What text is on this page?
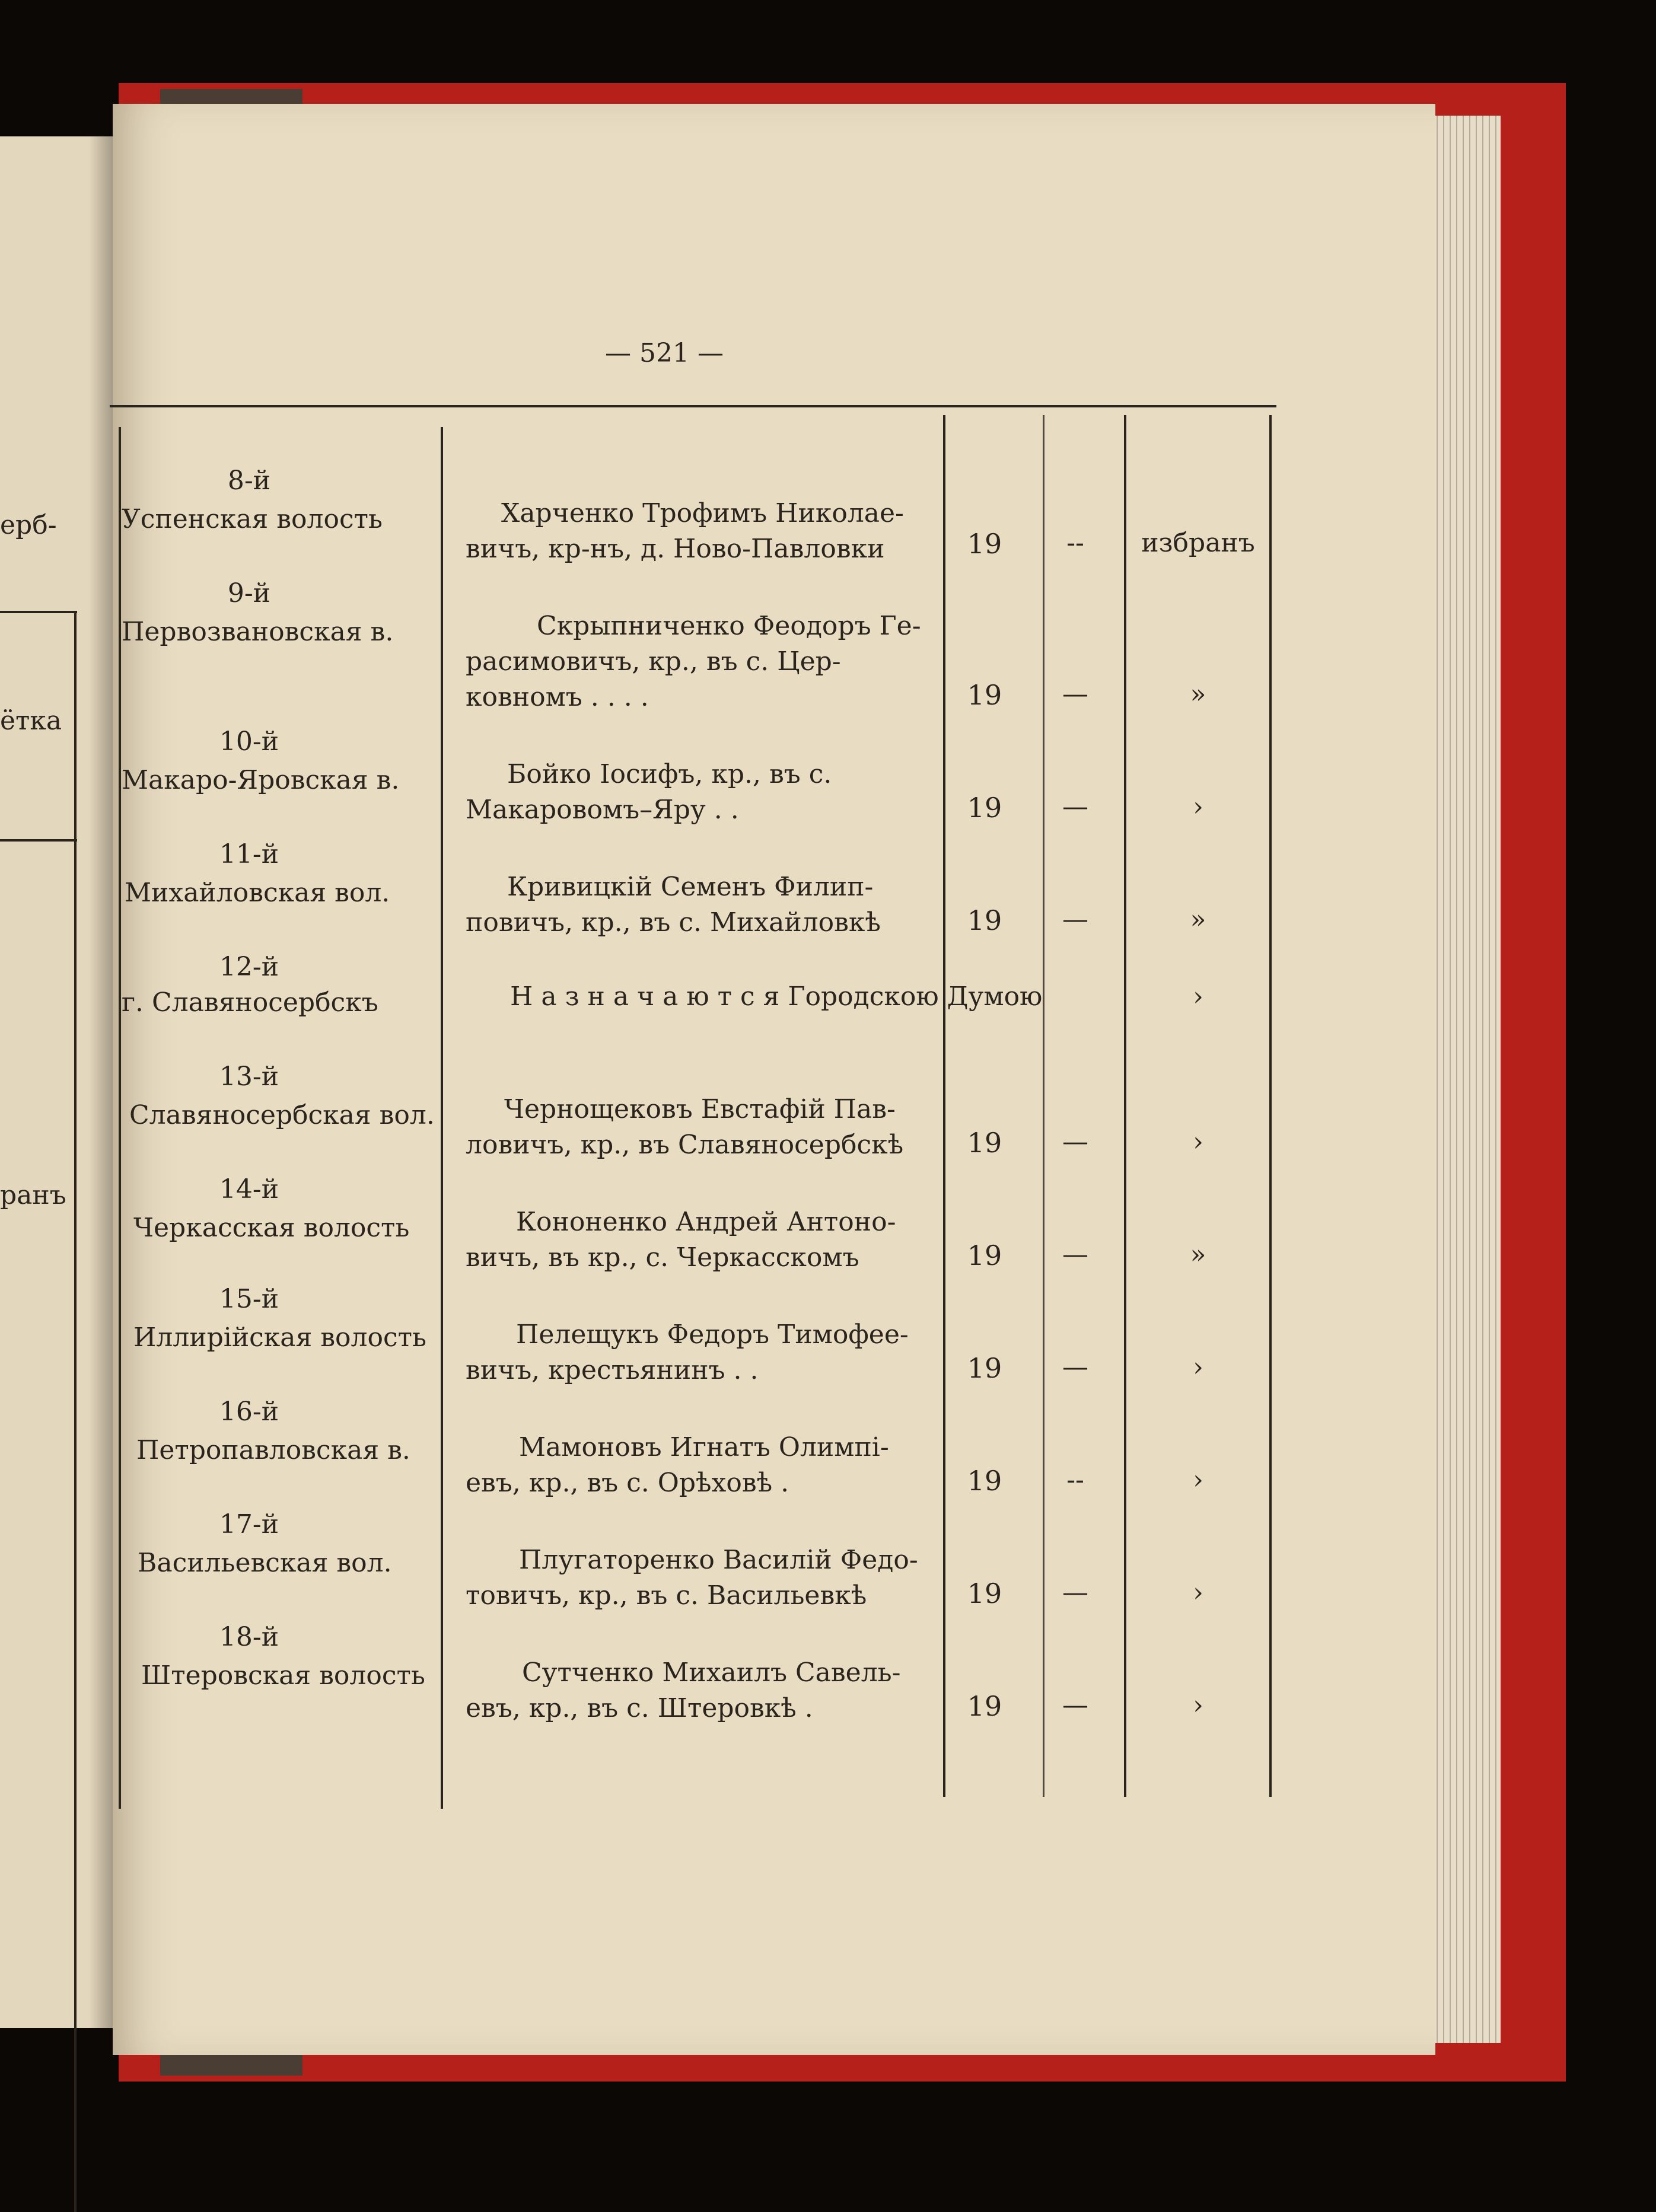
ерб-
ётка
ранъ
— 521 —
8-й
Успенская волость	Харченко Трофимъ Николае-
вичъ, кр-нъ, д. Ново-Павловки	19	--	избранъ
9-й
Первозвановская в.	Скрыпниченко Феодоръ Ге-
расимовичъ, кр., въ с. Цер-
ковномъ . . . .	19	—	»
10-й
Макаро-Яровская в.	Бойко Іосифъ, кр., въ с.
Макаровомъ–Яру . .	19	—	›
11-й
Михайловская вол.	Кривицкій Семенъ Филип-
повичъ, кр., въ с. Михайловкѣ	19	—	»
12-й
г. Славяносербскъ	Н а з н а ч а ю т с я Городскою Думою	›
13-й
Славяносербская вол.	Чернощековъ Евстафій Пав-
ловичъ, кр., въ Славяносербскѣ	19	—	›
14-й
Черкасская волость	Кононенко Андрей Антоно-
вичъ, въ кр., с. Черкасскомъ	19	—	»
15-й
Иллирійская волость	Пелещукъ Федоръ Тимофее-
вичъ, крестьянинъ . .	19	—	›
16-й
Петропавловская в.	Мамоновъ Игнатъ Олимпі-
евъ, кр., въ с. Орѣховѣ .	19	--	›
17-й
Васильевская вол.	Плугаторенко Василій Федо-
товичъ, кр., въ с. Васильевкѣ	19	—	›
18-й
Штеровская волость	Сутченко Михаилъ Савель-
евъ, кр., въ с. Штеровкѣ .	19	—	›
